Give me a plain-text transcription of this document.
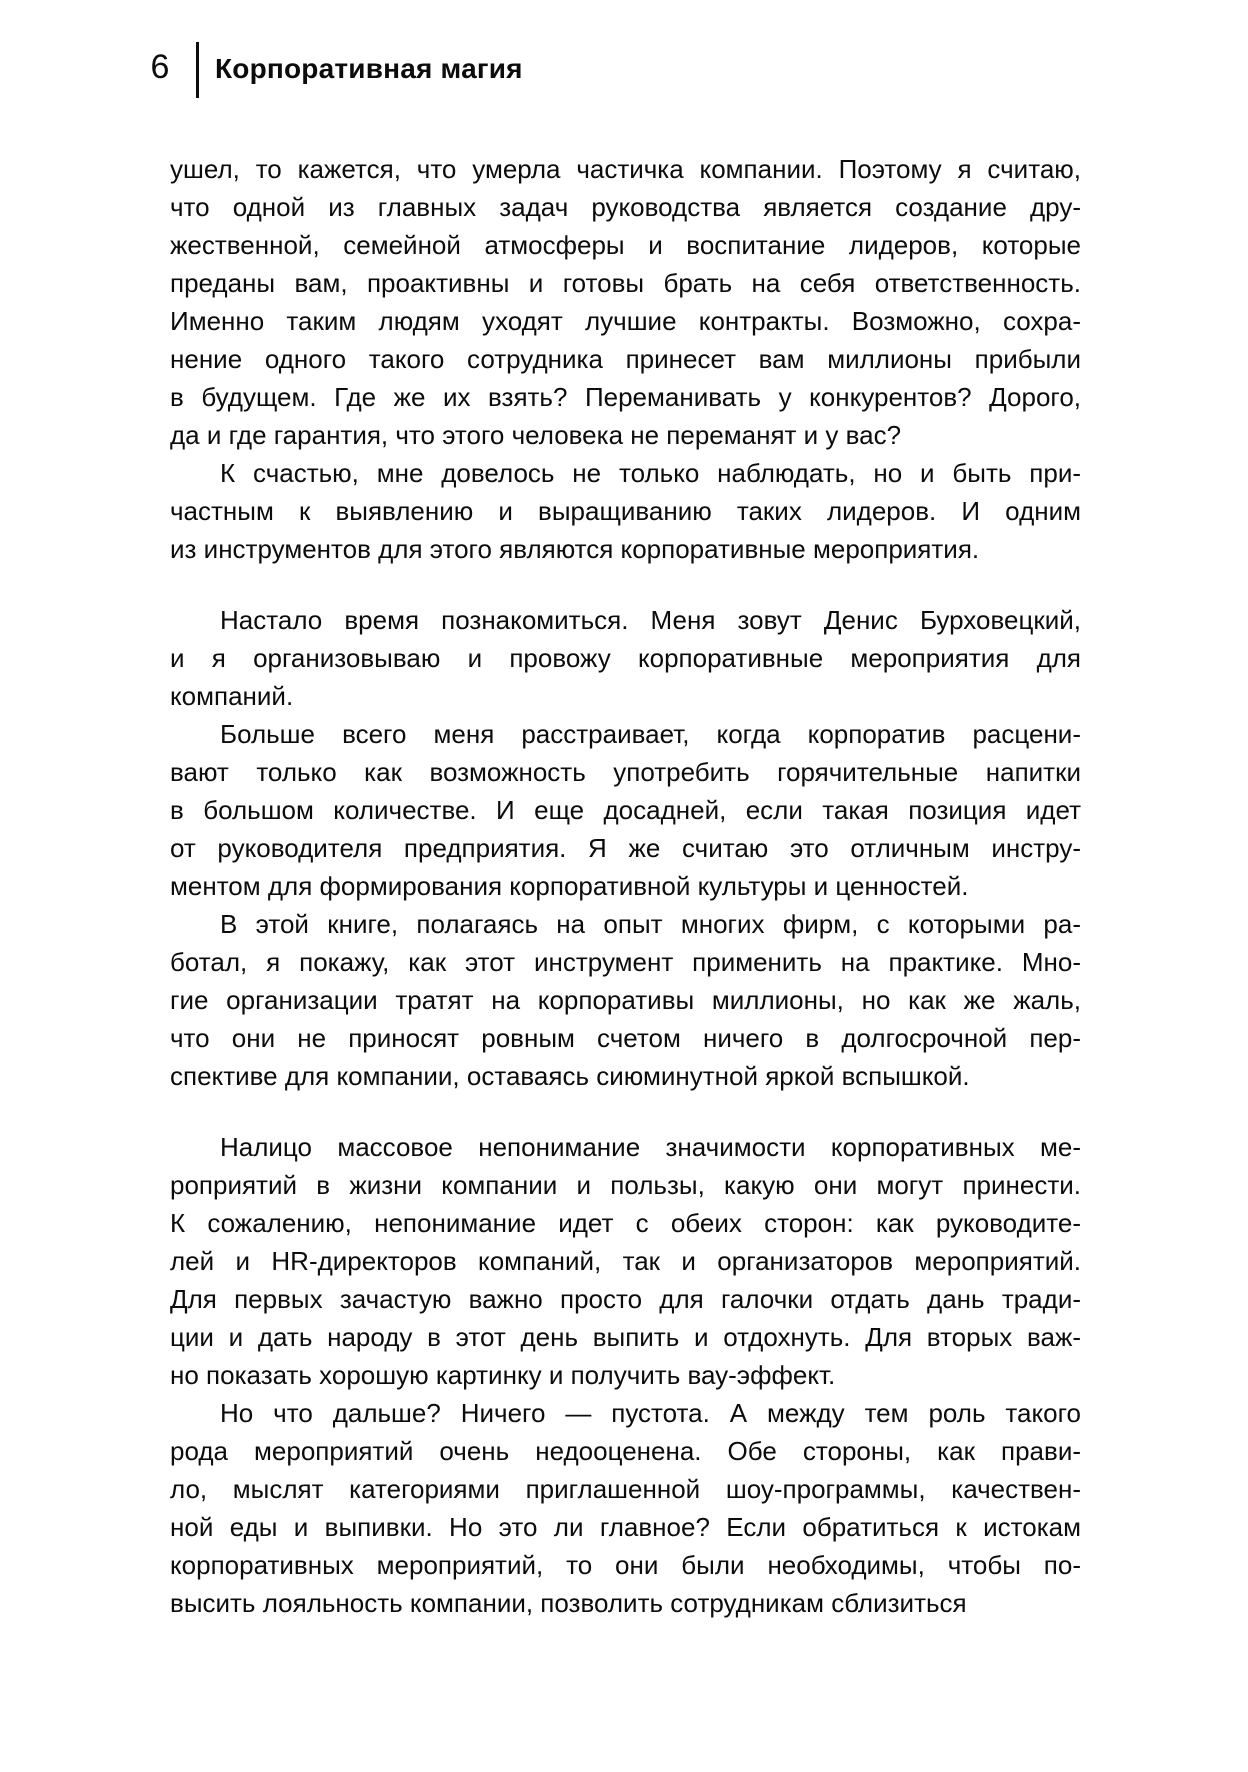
6	Корпоративная магия
ушел, то кажется, что умерла частичка компании. Поэтому я считаю,
что одной из главных задач руководства является создание дру-
жественной, семейной атмосферы и воспитание лидеров, которые
преданы вам, проактивны и готовы брать на себя ответственность.
Именно таким людям уходят лучшие контракты. Возможно, сохра-
нение одного такого сотрудника принесет вам миллионы прибыли
в будущем. Где же их взять? Переманивать у конкурентов? Дорого,
да и где гарантия, что этого человека не переманят и у вас?
К счастью, мне довелось не только наблюдать, но и быть при-
частным к выявлению и выращиванию таких лидеров. И одним
из инструментов для этого являются корпоративные мероприятия.
Настало время познакомиться. Меня зовут Денис Бурховецкий,
и я организовываю и провожу корпоративные мероприятия для
компаний.
Больше всего меня расстраивает, когда корпоратив расцени-
вают только как возможность употребить горячительные напитки
в большом количестве. И еще досадней, если такая позиция идет
от руководителя предприятия. Я же считаю это отличным инстру-
ментом для формирования корпоративной культуры и ценностей.
В этой книге, полагаясь на опыт многих фирм, с которыми ра-
ботал, я покажу, как этот инструмент применить на практике. Мно-
гие организации тратят на корпоративы миллионы, но как же жаль,
что они не приносят ровным счетом ничего в долгосрочной пер-
спективе для компании, оставаясь сиюминутной яркой вспышкой.
Налицо массовое непонимание значимости корпоративных ме-
роприятий в жизни компании и пользы, какую они могут принести.
К сожалению, непонимание идет с обеих сторон: как руководите-
лей и HR-директоров компаний, так и организаторов мероприятий.
Для первых зачастую важно просто для галочки отдать дань тради-
ции и дать народу в этот день выпить и отдохнуть. Для вторых важ-
но показать хорошую картинку и получить вау-эффект.
Но что дальше? Ничего — пустота. А между тем роль такого
рода мероприятий очень недооценена. Обе стороны, как прави-
ло, мыслят категориями приглашенной шоу-программы, качествен-
ной еды и выпивки. Но это ли главное? Если обратиться к истокам
корпоративных мероприятий, то они были необходимы, чтобы по-
высить лояльность компании, позволить сотрудникам сблизиться
